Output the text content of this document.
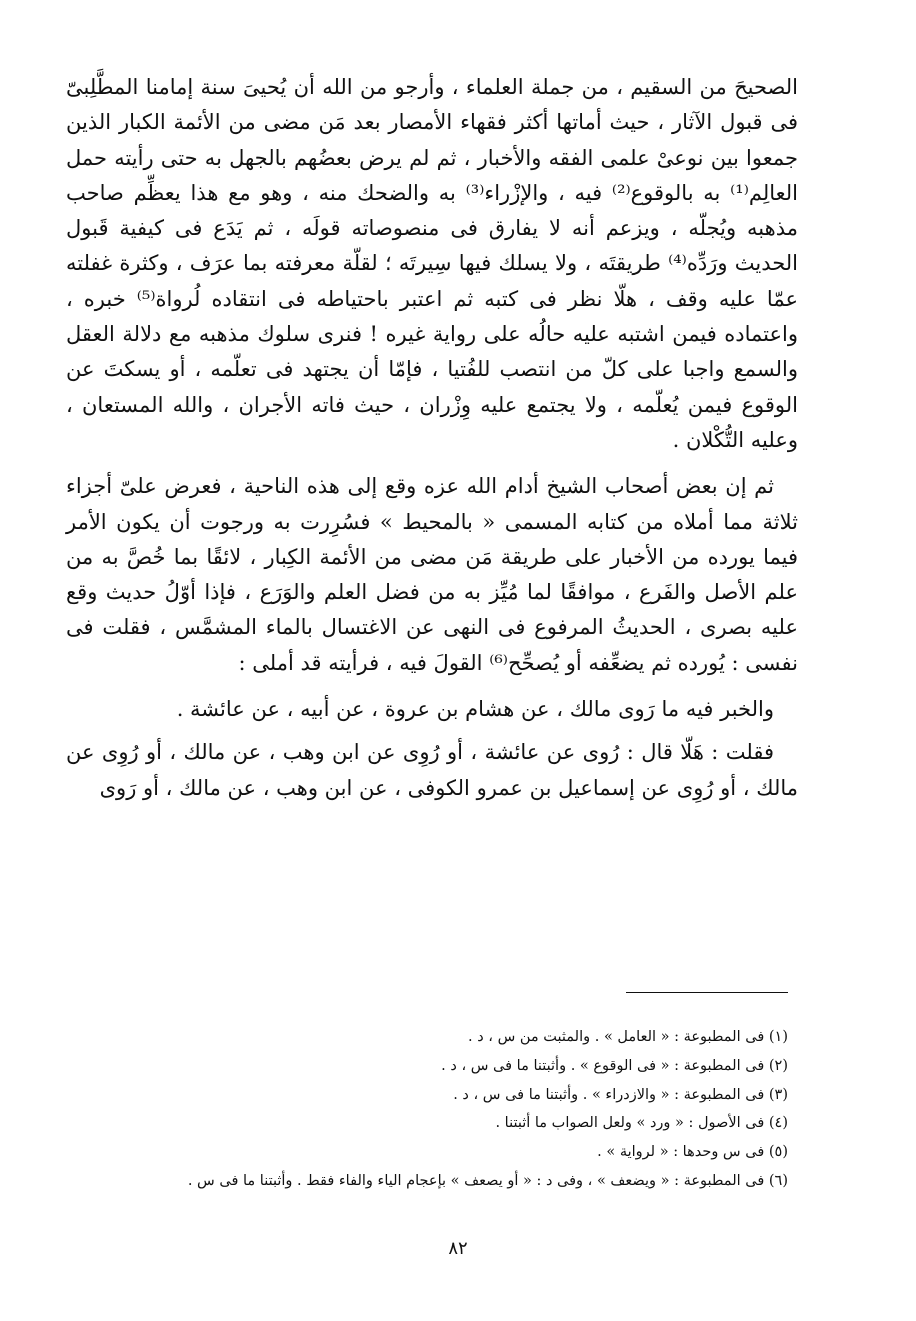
الصحيحَ من السقيم ، من جملة العلماء ، وأرجو من الله أن يُحيىَ سنة إمامنا المطَّلِبىّ فى قبول الآثار ، حيث أماتها أكثر فقهاء الأمصار بعد مَن مضى من الأئمة الكبار الذين جمعوا بين نوعىْ علمى الفقه والأخبار ، ثم لم يرض بعضُهم بالجهل به حتى رأيته حمل العالِم⁽¹⁾ به بالوقوع⁽²⁾ فيه ، والإزْراء⁽³⁾ به والضحك منه ، وهو مع هذا يعظِّم صاحب مذهبه ويُجلّه ، ويزعم أنه لا يفارق فى منصوصاته قولَه ، ثم يَدَع فى كيفية قَبول الحديث ورَدِّه⁽⁴⁾ طريقتَه ، ولا يسلك فيها سِيرتَه ؛ لقلّة معرفته بما عرَف ، وكثرة غفلته عمّا عليه وقف ، هلّا نظر فى كتبه ثم اعتبر باحتياطه فى انتقاده لُرواة⁽⁵⁾ خبره ، واعتماده فيمن اشتبه عليه حالُه على رواية غيره ! فنرى سلوك مذهبه مع دلالة العقل والسمع واجبا على كلّ من انتصب للفُتيا ، فإمّا أن يجتهد فى تعلّمه ، أو يسكتَ عن الوقوع فيمن يُعلّمه ، ولا يجتمع عليه وِزْران ، حيث فاته الأجران ، والله المستعان ، وعليه التُّكْلان .

ثم إن بعض أصحاب الشيخ أدام الله عزه وقع إلى هذه الناحية ، فعرض علىّ أجزاء ثلاثة مما أملاه من كتابه المسمى « بالمحيط » فسُرِرت به ورجوت أن يكون الأمر فيما يورده من الأخبار على طريقة مَن مضى من الأئمة الكِبار ، لائقًا بما خُصَّ به من علم الأصل والفَرع ، موافقًا لما مُيِّز به من فضل العلم والوَرَع ، فإذا أوّلُ حديث وقع عليه بصرى ، الحديثُ المرفوع فى النهى عن الاغتسال بالماء المشمَّس ، فقلت فى نفسى : يُورده ثم يضعِّفه أو يُصحِّح⁽⁶⁾ القولَ فيه ، فرأيته قد أملى :

والخبر فيه ما رَوى مالك ، عن هشام بن عروة ، عن أبيه ، عن عائشة .

فقلت : هَلّا قال : رُوى عن عائشة ، أو رُوِى عن ابن وهب ، عن مالك ، أو رُوِى عن مالك ، أو رُوِى عن إسماعيل بن عمرو الكوفى ، عن ابن وهب ، عن مالك ، أو رَوى

(١) فى المطبوعة : « العامل » . والمثبت من س ، د .
(٢) فى المطبوعة : « فى الوقوع » . وأثبتنا ما فى س ، د .
(٣) فى المطبوعة : « والازدراء » . وأثبتنا ما فى س ، د .
(٤) فى الأصول : « ورد » ولعل الصواب ما أثبتنا .
(٥) فى س وحدها : « لرواية » .
(٦) فى المطبوعة : « ويضعف » ، وفى د : « أو يصعف » بإعجام الياء والفاء فقط . وأثبتنا ما فى س .
٨٢
